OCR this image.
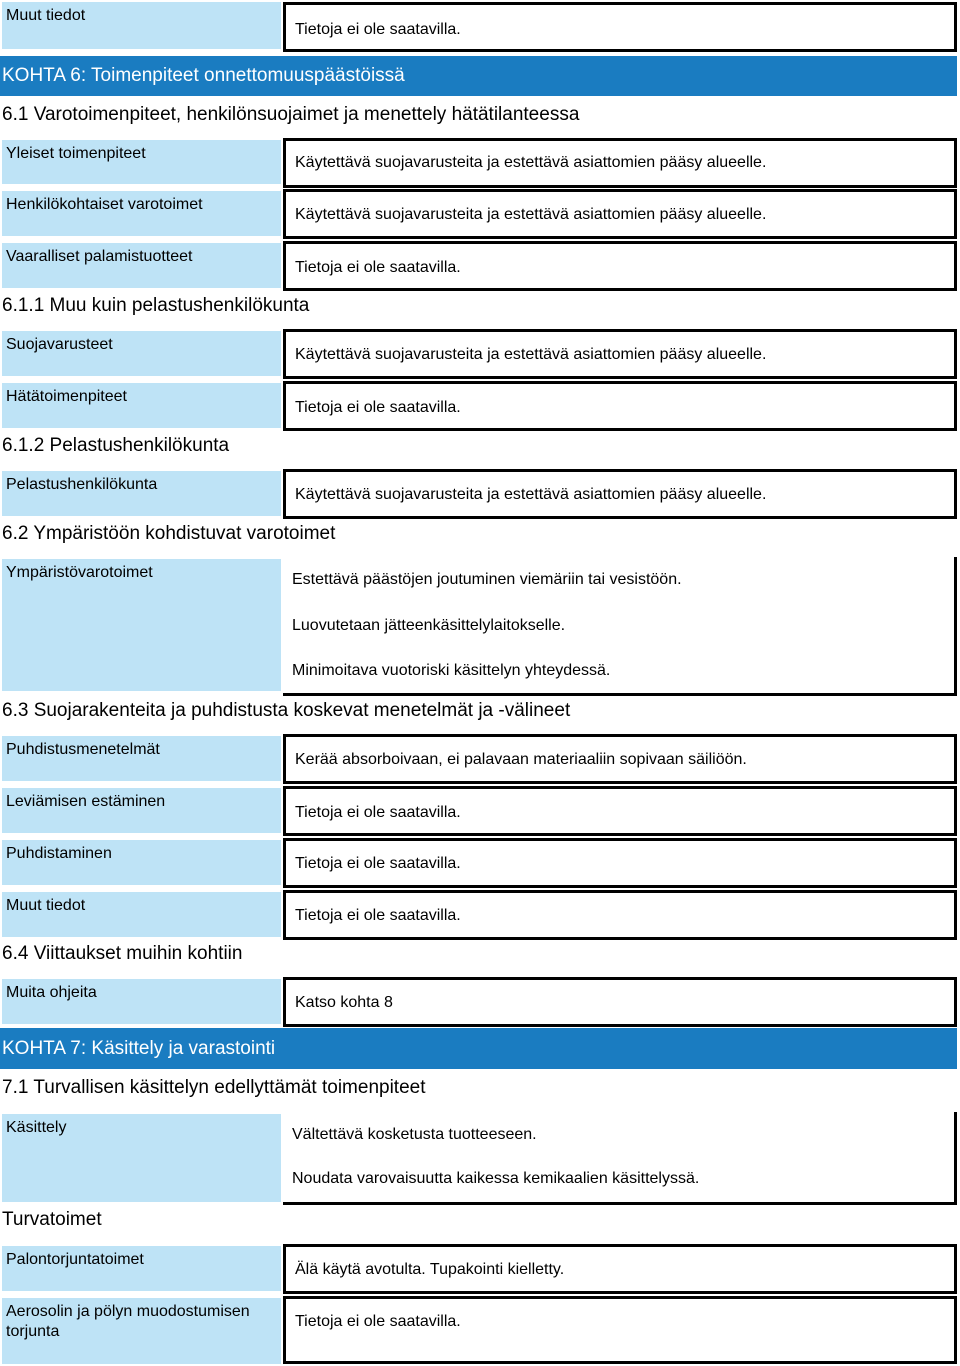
Muut tiedot
Tietoja ei ole saatavilla.
KOHTA 6: Toimenpiteet onnettomuuspäästöissä
6.1 Varotoimenpiteet, henkilönsuojaimet ja menettely hätätilanteessa
Yleiset toimenpiteet
Käytettävä suojavarusteita ja estettävä asiattomien pääsy alueelle.
Henkilökohtaiset varotoimet
Käytettävä suojavarusteita ja estettävä asiattomien pääsy alueelle.
Vaaralliset palamistuotteet
Tietoja ei ole saatavilla.
6.1.1 Muu kuin pelastushenkilökunta
Suojavarusteet
Käytettävä suojavarusteita ja estettävä asiattomien pääsy alueelle.
Hätätoimenpiteet
Tietoja ei ole saatavilla.
6.1.2 Pelastushenkilökunta
Pelastushenkilökunta
Käytettävä suojavarusteita ja estettävä asiattomien pääsy alueelle.
6.2 Ympäristöön kohdistuvat varotoimet
Ympäristövarotoimet	Estettävä päästöjen joutuminen viemäriin tai vesistöön.
Luovutetaan jätteenkäsittelylaitokselle.
Minimoitava vuotoriski käsittelyn yhteydessä.
6.3 Suojarakenteita ja puhdistusta koskevat menetelmät ja -välineet
Puhdistusmenetelmät
Kerää absorboivaan, ei palavaan materiaaliin sopivaan säiliöön.
Leviämisen estäminen
Tietoja ei ole saatavilla.
Puhdistaminen
Tietoja ei ole saatavilla.
Muut tiedot
Tietoja ei ole saatavilla.
6.4 Viittaukset muihin kohtiin
Muita ohjeita
Katso kohta 8
KOHTA 7: Käsittely ja varastointi
7.1 Turvallisen käsittelyn edellyttämät toimenpiteet
Käsittely	Vältettävä kosketusta tuotteeseen.
Noudata varovaisuutta kaikessa kemikaalien käsittelyssä.
Turvatoimet
Palontorjuntatoimet
Älä käytä avotulta. Tupakointi kielletty.
Aerosolin ja pölyn muodostumisen torjunta
Tietoja ei ole saatavilla.
